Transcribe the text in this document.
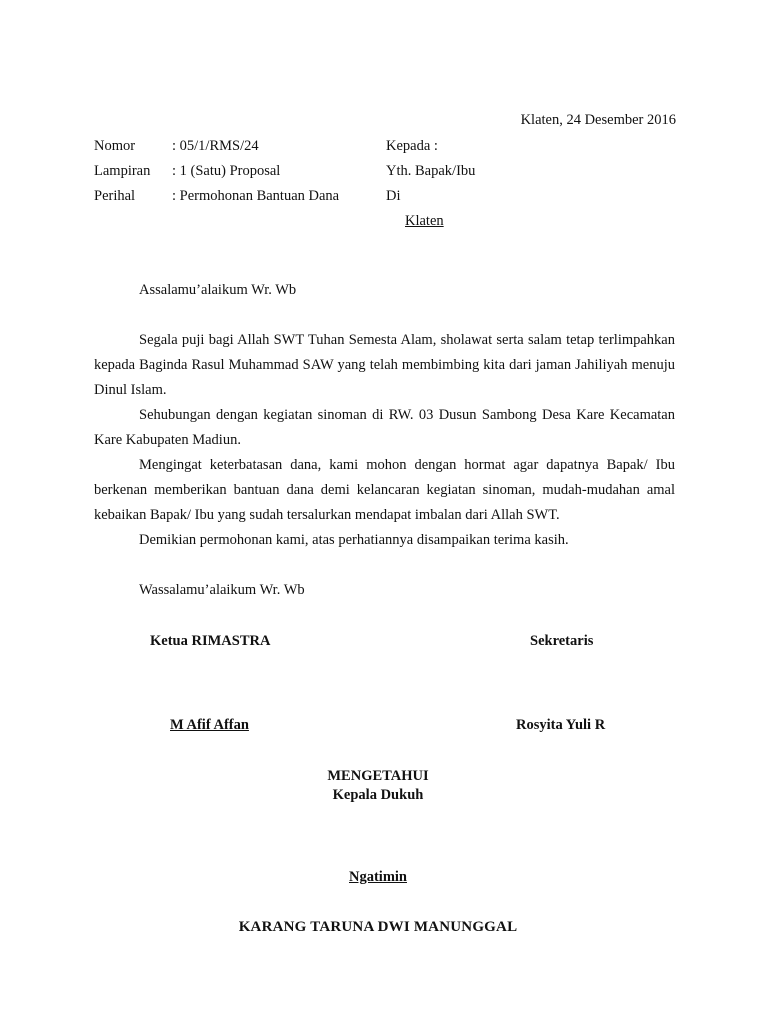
Klaten, 24 Desember 2016
Nomor	: 05/1/RMS/24
Lampiran : 1 (Satu) Proposal
Perihal	: Permohonan Bantuan Dana
Kepada :
Yth. Bapak/Ibu
Di
Klaten
Assalamu’alaikum Wr. Wb

Segala puji bagi Allah SWT Tuhan Semesta Alam, sholawat serta salam tetap terlimpahkan kepada Baginda Rasul Muhammad SAW yang telah membimbing kita dari jaman Jahiliyah menuju Dinul Islam.

Sehubungan dengan kegiatan sinoman di RW. 03 Dusun Sambong Desa Kare Kecamatan Kare Kabupaten Madiun.

Mengingat keterbatasan dana, kami mohon dengan hormat agar dapatnya Bapak/ Ibu berkenan memberikan bantuan dana demi kelancaran kegiatan sinoman, mudah-mudahan amal kebaikan Bapak/ Ibu yang sudah tersalurkan mendapat imbalan dari Allah SWT.

Demikian permohonan kami, atas perhatiannya disampaikan terima kasih.

Wassalamu’alaikum Wr. Wb
Ketua RIMASTRA	Sekretaris
M Afif Affan	Rosyita Yuli R
MENGETAHUI
Kepala Dukuh
Ngatimin
KARANG TARUNA DWI MANUNGGAL
